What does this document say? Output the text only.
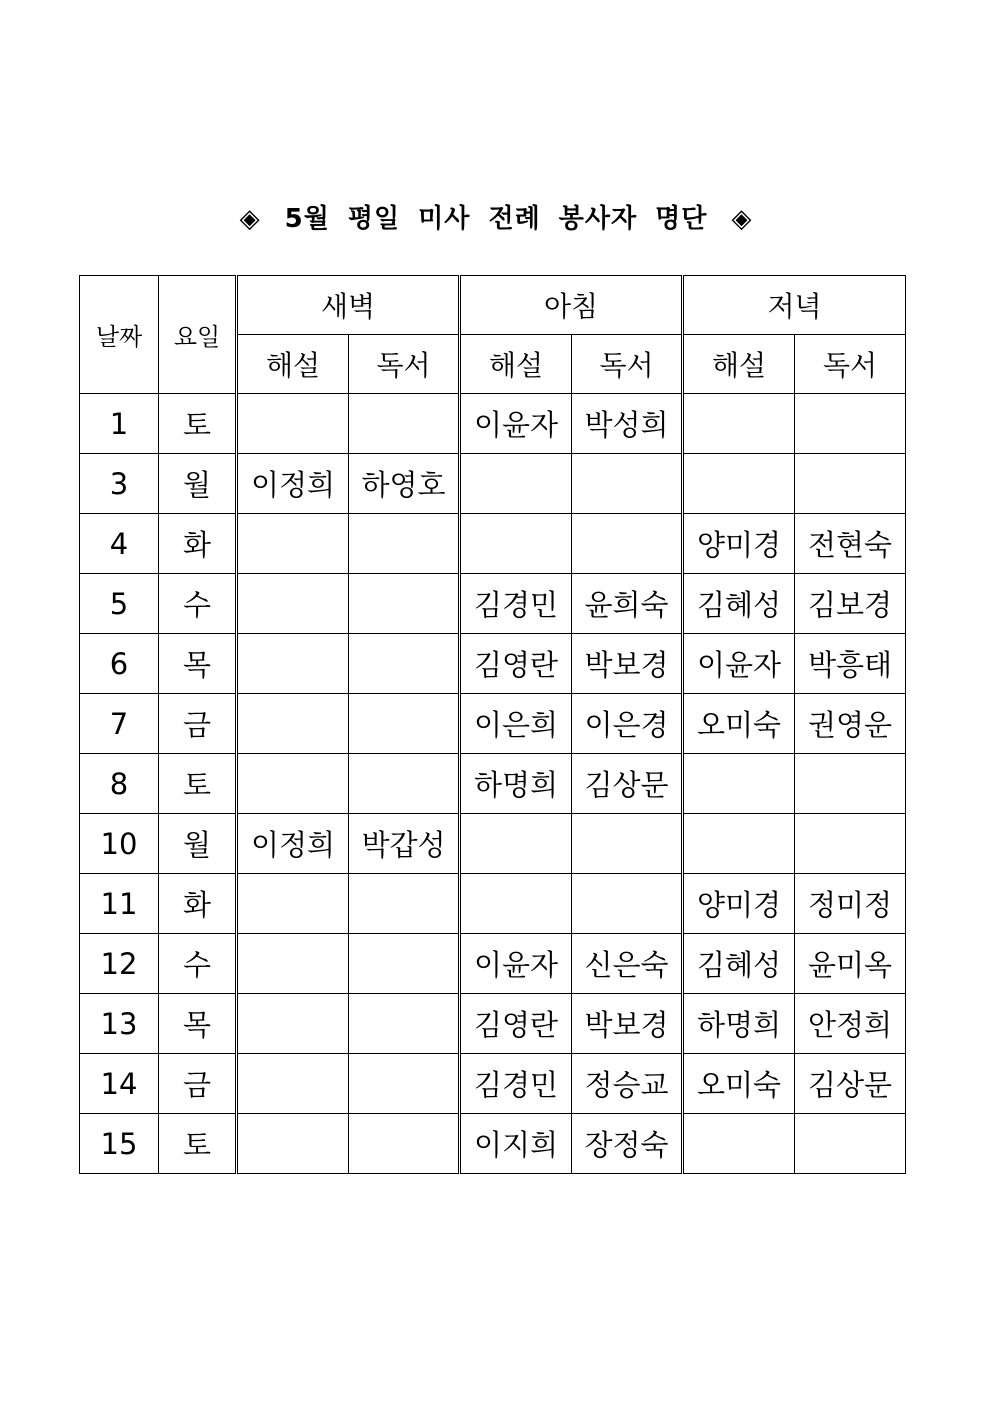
◈ 5월 평일 미사 전례 봉사자 명단 ◈
날짜	요일	새벽		아침		저녁	
		해설	독서	해설	독서	해설	독서
1	토			이윤자	박성희		
3	월	이정희	하영호				
4	화					양미경	전현숙
5	수			김경민	윤희숙	김혜성	김보경
6	목			김영란	박보경	이윤자	박흥태
7	금			이은희	이은경	오미숙	권영운
8	토			하명희	김상문		
10	월	이정희	박갑성				
11	화					양미경	정미정
12	수			이윤자	신은숙	김혜성	윤미옥
13	목			김영란	박보경	하명희	안정희
14	금			김경민	정승교	오미숙	김상문
15	토			이지희	장정숙		
